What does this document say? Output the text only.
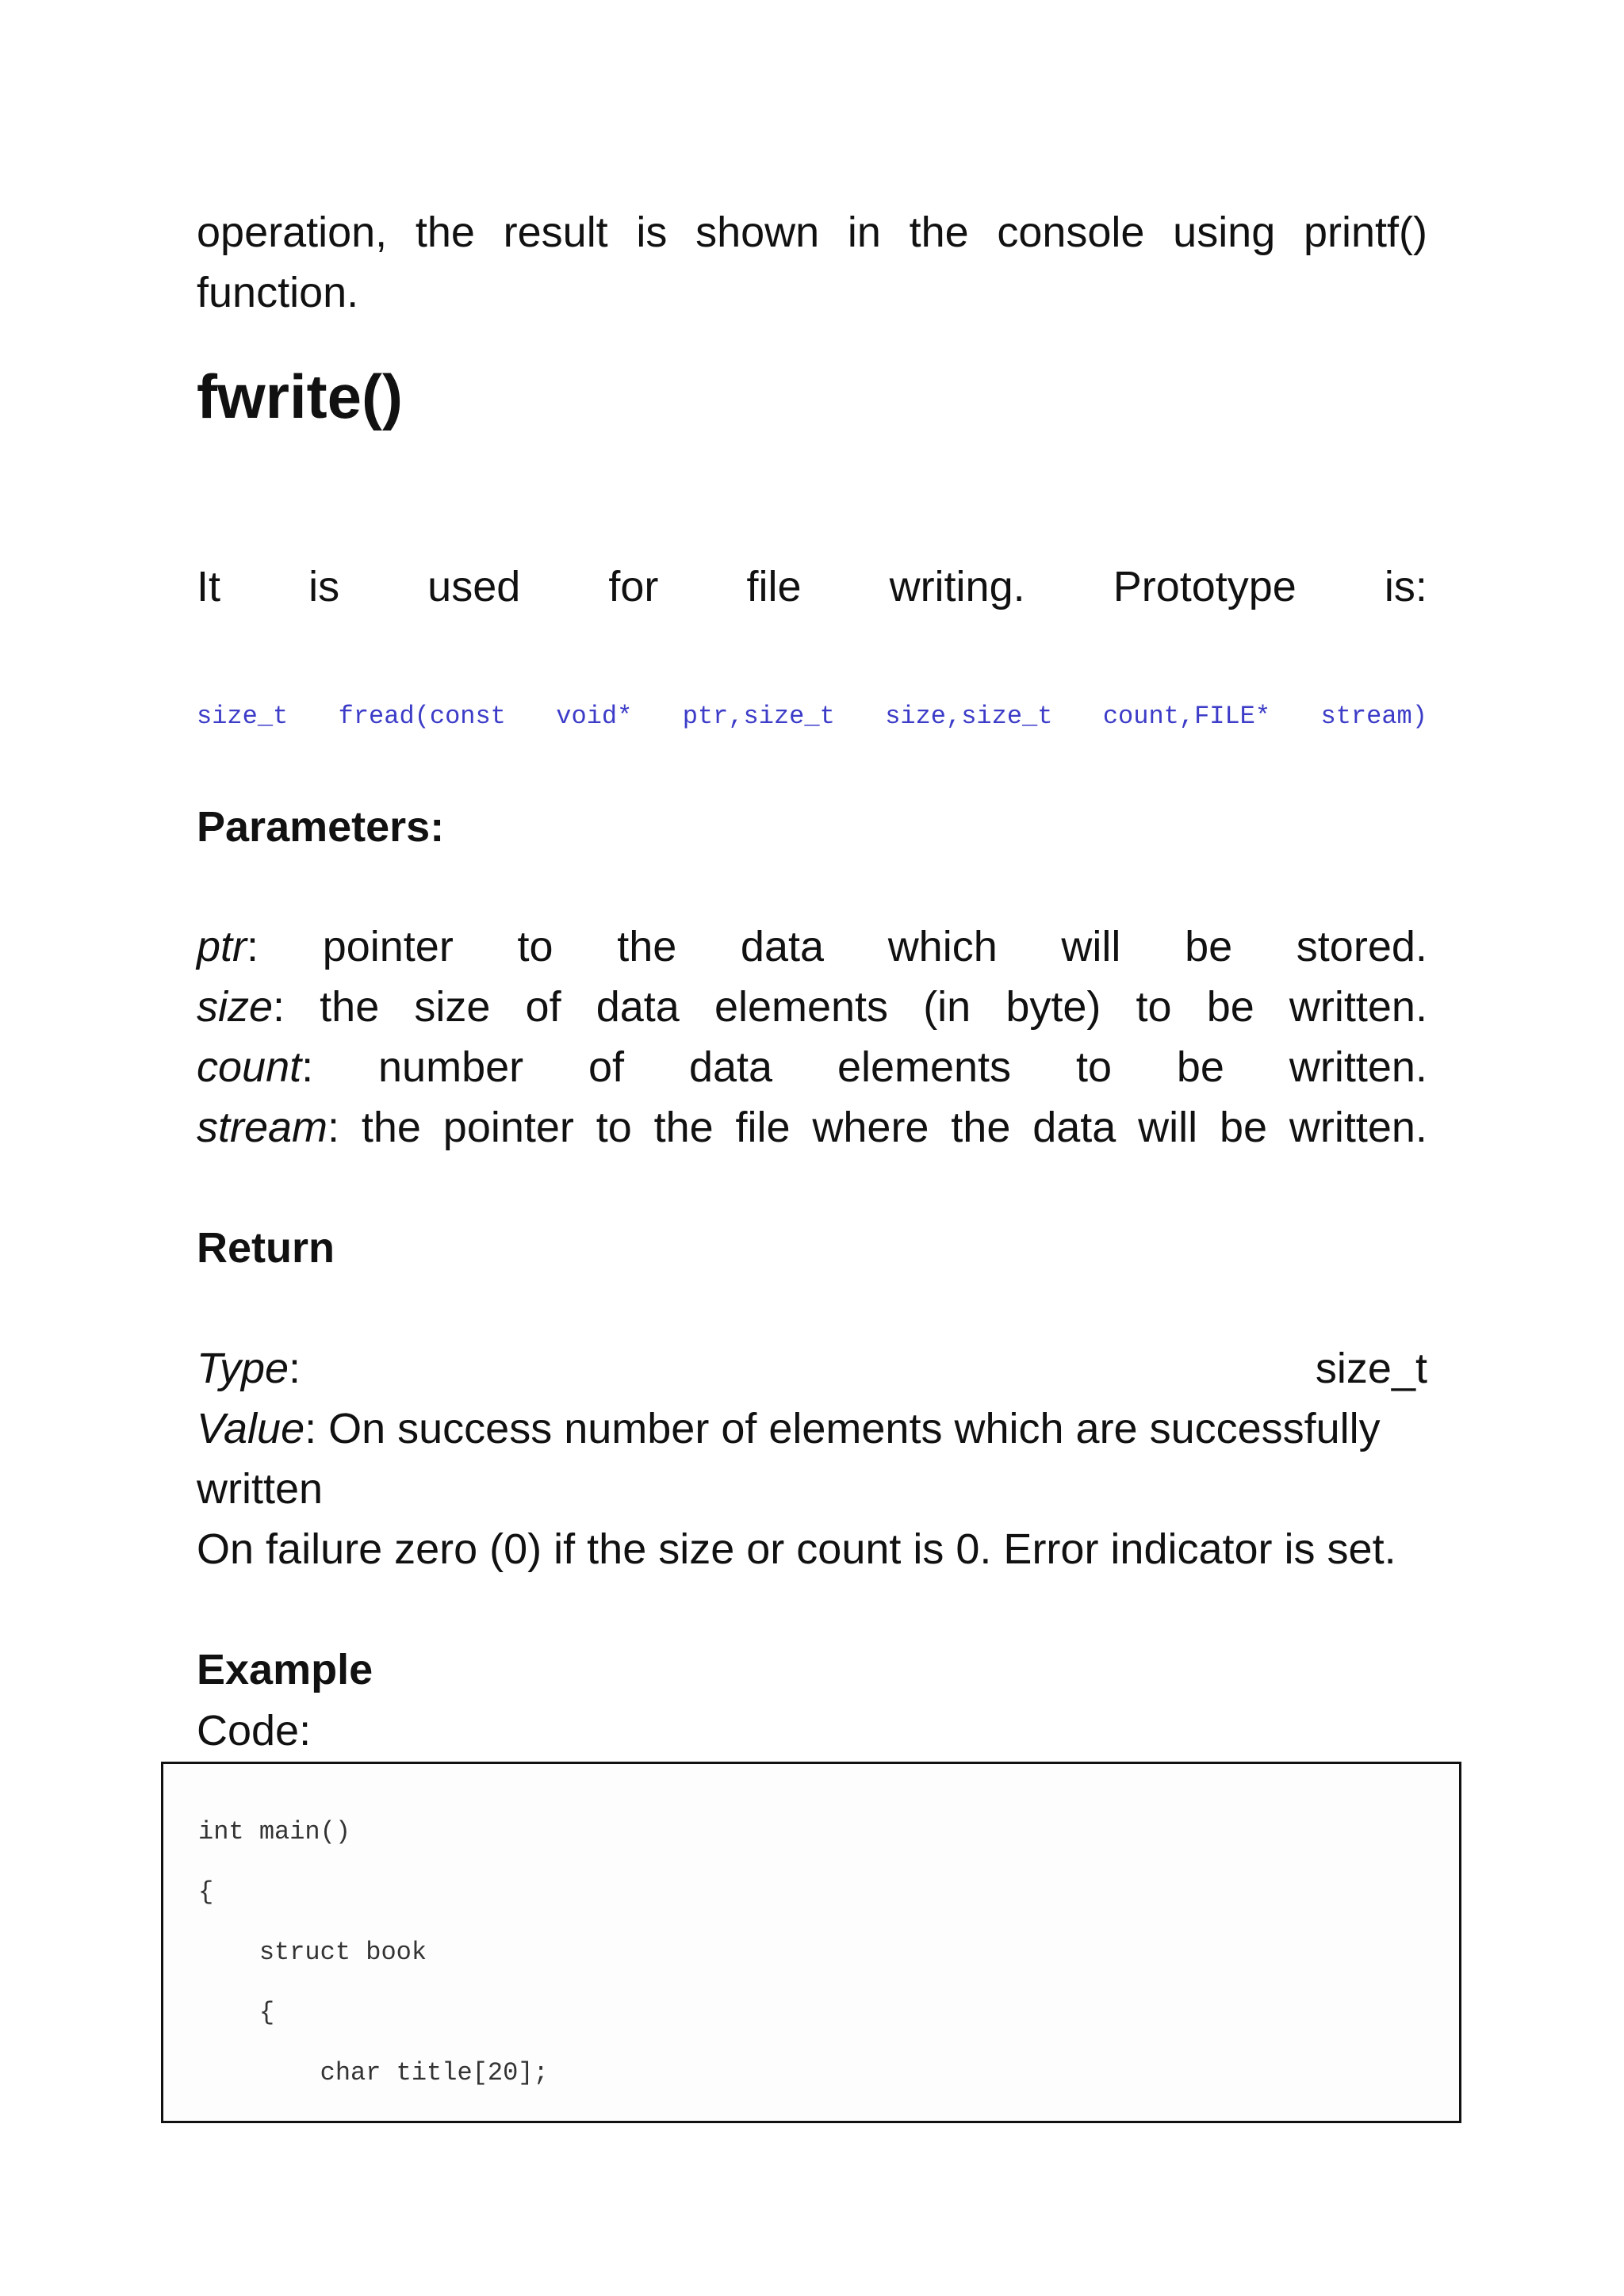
operation, the result is shown in the console using printf()
function.
fwrite()
It is used for file writing. Prototype is:
size_t fread(const void* ptr,size_t size,size_t count,FILE* stream)
Parameters:
ptr: pointer to the data which will be stored.
size: the size of data elements (in byte) to be written.
count: number of data elements to be written.
stream: the pointer to the file where the data will be written.
Return
Type:	size_t
Value: On success number of elements which are successfully
written
On failure zero (0) if the size or count is 0. Error indicator is set.
Example
Code:
int main()
{
struct book
{
char title[20];
